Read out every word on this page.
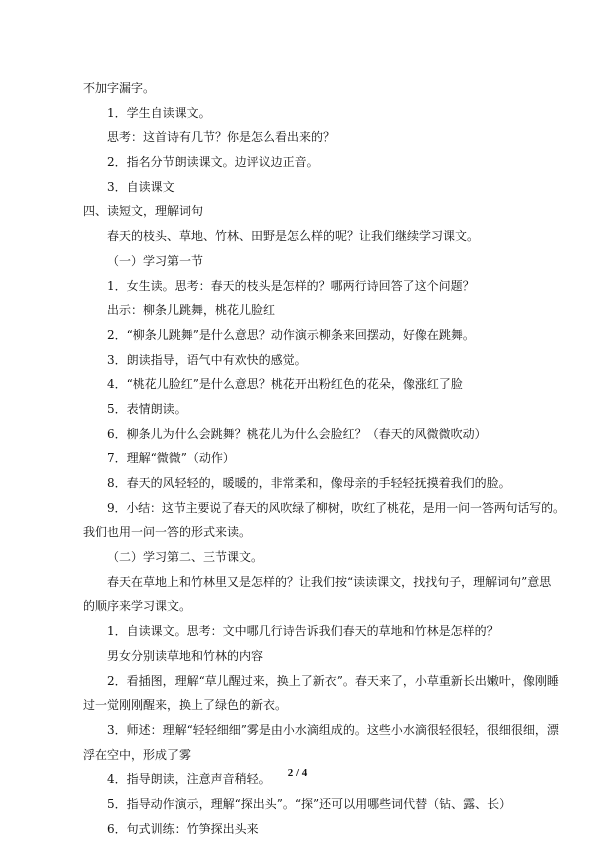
不加字漏字。
1．学生自读课文。
思考：这首诗有几节？你是怎么看出来的？
2．指名分节朗读课文。边评议边正音。
3．自读课文
四、读短文，理解词句
春天的枝头、草地、竹林、田野是怎么样的呢？让我们继续学习课文。
（一）学习第一节
1．女生读。思考：春天的枝头是怎样的？哪两行诗回答了这个问题？
出示：柳条儿跳舞，桃花儿脸红
2．“柳条儿跳舞”是什么意思？动作演示柳条来回摆动，好像在跳舞。
3．朗读指导，语气中有欢快的感觉。
4．“桃花儿脸红”是什么意思？桃花开出粉红色的花朵，像涨红了脸
5．表情朗读。
6．柳条儿为什么会跳舞？桃花儿为什么会脸红？（春天的风微微吹动）
7．理解“微微”（动作）
8．春天的风轻轻的，暖暖的，非常柔和，像母亲的手轻轻抚摸着我们的脸。
9．小结：这节主要说了春天的风吹绿了柳树，吹红了桃花，是用一问一答两句话写的。
我们也用一问一答的形式来读。
（二）学习第二、三节课文。
春天在草地上和竹林里又是怎样的？让我们按“读读课文，找找句子，理解词句”意思
的顺序来学习课文。
1．自读课文。思考：文中哪几行诗告诉我们春天的草地和竹林是怎样的？
男女分别读草地和竹林的内容
2．看插图，理解“草儿醒过来，换上了新衣”。春天来了，小草重新长出嫩叶，像刚睡
过一觉刚刚醒来，换上了绿色的新衣。
3．师述：理解“轻轻细细”雾是由小水滴组成的。这些小水滴很轻很轻，很细很细，漂
浮在空中，形成了雾
4．指导朗读，注意声音稍轻。
5．指导动作演示，理解“探出头”。“探”还可以用哪些词代替（钻、露、长）
6．句式训练：竹笋探出头来
2 / 4
